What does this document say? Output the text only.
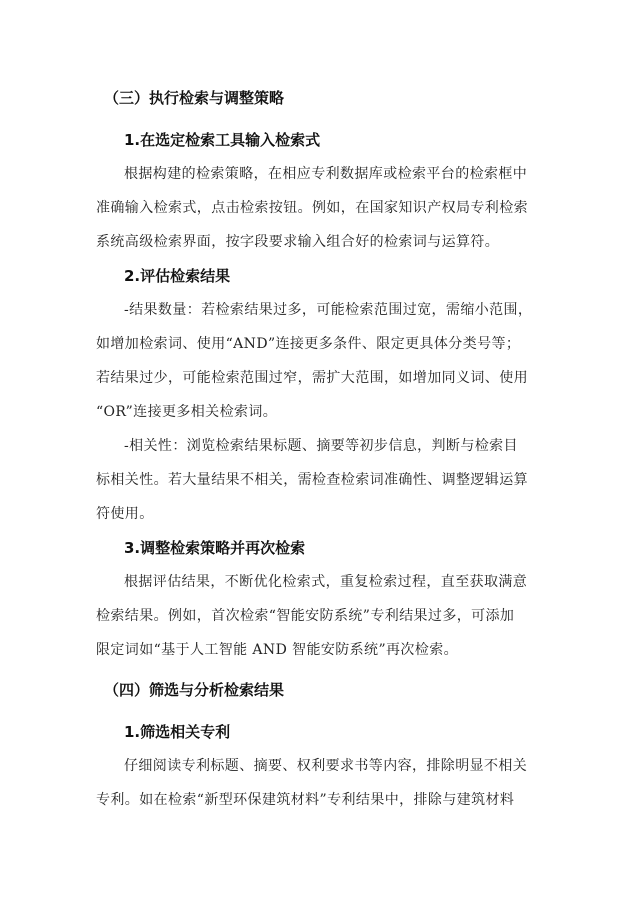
（三）执行检索与调整策略
1.在选定检索工具输入检索式
根据构建的检索策略，在相应专利数据库或检索平台的检索框中
准确输入检索式，点击检索按钮。例如，在国家知识产权局专利检索
系统高级检索界面，按字段要求输入组合好的检索词与运算符。
2.评估检索结果
-结果数量：若检索结果过多，可能检索范围过宽，需缩小范围，
如增加检索词、使用“AND”连接更多条件、限定更具体分类号等；
若结果过少，可能检索范围过窄，需扩大范围，如增加同义词、使用
“OR”连接更多相关检索词。
-相关性：浏览检索结果标题、摘要等初步信息，判断与检索目
标相关性。若大量结果不相关，需检查检索词准确性、调整逻辑运算
符使用。
3.调整检索策略并再次检索
根据评估结果，不断优化检索式，重复检索过程，直至获取满意
检索结果。例如，首次检索“智能安防系统”专利结果过多，可添加
限定词如“基于人工智能 AND 智能安防系统”再次检索。
（四）筛选与分析检索结果
1.筛选相关专利
仔细阅读专利标题、摘要、权利要求书等内容，排除明显不相关
专利。如在检索“新型环保建筑材料”专利结果中，排除与建筑材料
